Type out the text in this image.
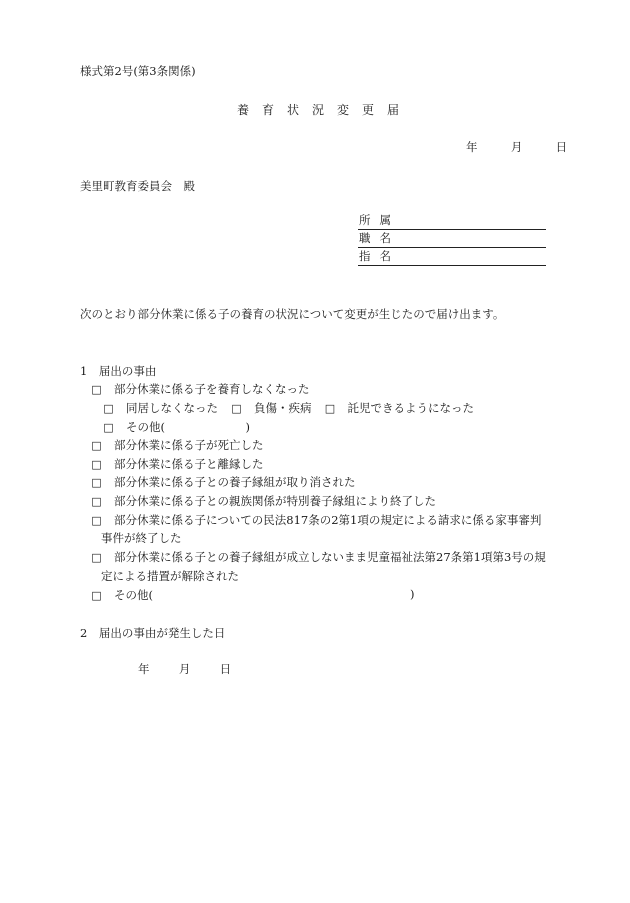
様式第2号(第3条関係)
養育状況変更届
年	月	日
美里町教育委員会　殿
所属
職名
指名
次のとおり部分休業に係る子の養育の状況について変更が生じたので届け出ます。
1　届出の事由
□ 部分休業に係る子を養育しなくなった
□ 同居しなくなった □ 負傷・疾病 □ 託児できるようになった
□ その他(　　　　　　　)
□ 部分休業に係る子が死亡した
□ 部分休業に係る子と離縁した
□ 部分休業に係る子との養子縁組が取り消された
□ 部分休業に係る子との親族関係が特別養子縁組により終了した
□ 部分休業に係る子についての民法817条の2第1項の規定による請求に係る家事審判
事件が終了した
□ 部分休業に係る子との養子縁組が成立しないまま児童福祉法第27条第1項第3号の規
定による措置が解除された
□ その他(	)
2　届出の事由が発生した日
年	月	日
